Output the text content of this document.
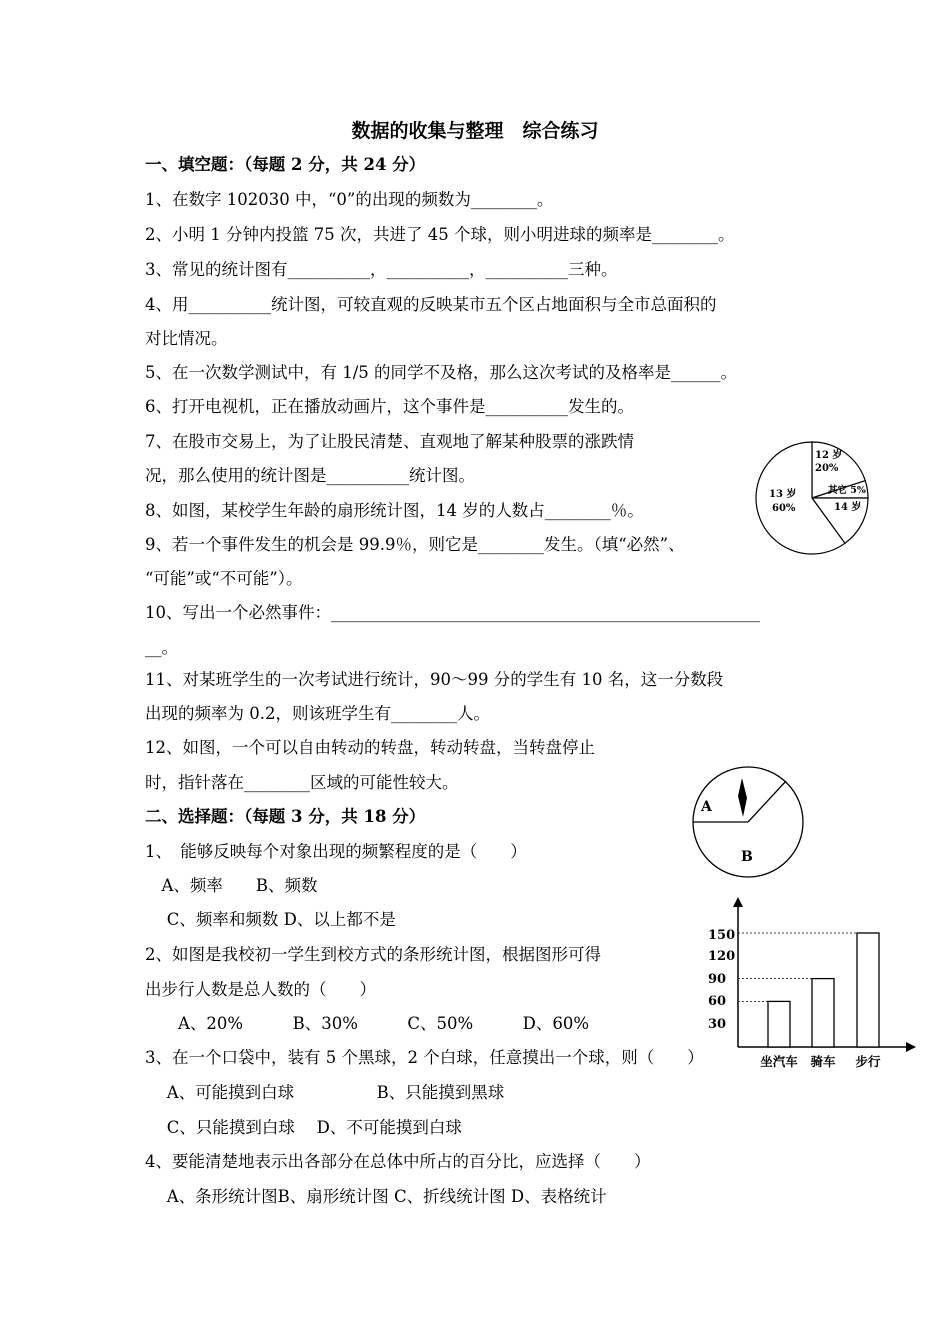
数据的收集与整理　综合练习
一、填空题：（每题 2 分，共 24 分）
1、在数字 102030 中，“0”的出现的频数为________。
2、小明 1 分钟内投篮 75 次，共进了 45 个球，则小明进球的频率是________。
3、常见的统计图有__________，__________，__________三种。
4、用__________统计图，可较直观的反映某市五个区占地面积与全市总面积的
对比情况。
5、在一次数学测试中，有 1/5 的同学不及格，那么这次考试的及格率是______。
6、打开电视机，正在播放动画片，这个事件是__________发生的。
7、在股市交易上，为了让股民清楚、直观地了解某种股票的涨跌情
况，那么使用的统计图是__________统计图。
8、如图，某校学生年龄的扇形统计图，14 岁的人数占________％。
9、若一个事件发生的机会是 99.9％，则它是________发生。（填“必然”、
“可能”或“不可能”）。
10、写出一个必然事件：____________________________________________________
__。
11、对某班学生的一次考试进行统计，90～99 分的学生有 10 名，这一分数段
出现的频率为 0.2，则该班学生有________人。
12、如图，一个可以自由转动的转盘，转动转盘，当转盘停止
时，指针落在________区域的可能性较大。
二、选择题：（每题 3 分，共 18 分）
1、　能够反映每个对象出现的频繁程度的是（　　）
　A、频率　　B、频数
　 C、频率和频数 D、以上都不是
2、如图是我校初一学生到校方式的条形统计图，根据图形可得
出步行人数是总人数的（　　）
　　A、20%　　　B、30%　　　C、50%　　　D、60%
3、在一个口袋中，装有 5 个黑球，2 个白球，任意摸出一个球，则（　　）
　 A、可能摸到白球　　　　　B、只能摸到黑球
　 C、只能摸到白球　 D、不可能摸到白球
4、要能清楚地表示出各部分在总体中所占的百分比，应选择（　　）
　 A、条形统计图B、扇形统计图 C、折线统计图 D、表格统计
12 岁
20%
其它 5%
14 岁
13 岁
60%
A
B
150
120
90
60
30
坐汽车 骑车 步行
